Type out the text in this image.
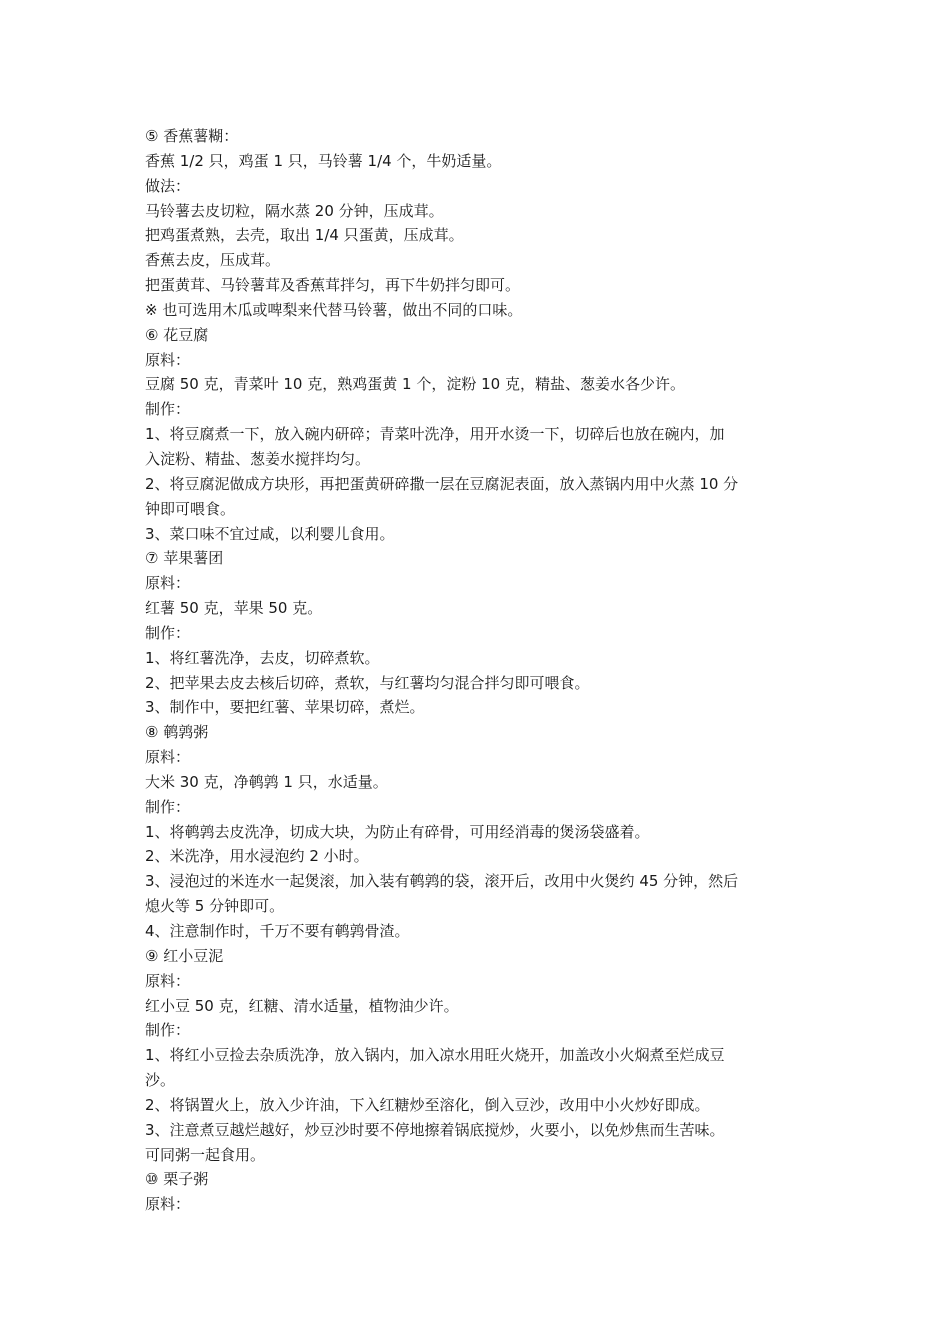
⑤ 香蕉薯糊：
香蕉 1/2 只，鸡蛋 1 只，马铃薯 1/4 个，牛奶适量。
做法：
马铃薯去皮切粒，隔水蒸 20 分钟，压成茸。
把鸡蛋煮熟，去壳，取出 1/4 只蛋黄，压成茸。
香蕉去皮，压成茸。
把蛋黄茸、马铃薯茸及香蕉茸拌匀，再下牛奶拌匀即可。
※ 也可选用木瓜或啤梨来代替马铃薯，做出不同的口味。
⑥ 花豆腐
原料：
豆腐 50 克，青菜叶 10 克，熟鸡蛋黄 1 个，淀粉 10 克，精盐、葱姜水各少许。
制作：
1、将豆腐煮一下，放入碗内研碎；青菜叶洗净，用开水烫一下，切碎后也放在碗内，加
入淀粉、精盐、葱姜水搅拌均匀。
2、将豆腐泥做成方块形，再把蛋黄研碎撒一层在豆腐泥表面，放入蒸锅内用中火蒸 10 分
钟即可喂食。
3、菜口味不宜过咸，以利婴儿食用。
⑦ 苹果薯团
原料：
红薯 50 克，苹果 50 克。
制作：
1、将红薯洗净，去皮，切碎煮软。
2、把苹果去皮去核后切碎，煮软，与红薯均匀混合拌匀即可喂食。
3、制作中，要把红薯、苹果切碎，煮烂。
⑧ 鹌鹑粥
原料：
大米 30 克，净鹌鹑 1 只，水适量。
制作：
1、将鹌鹑去皮洗净，切成大块，为防止有碎骨，可用经消毒的煲汤袋盛着。
2、米洗净，用水浸泡约 2 小时。
3、浸泡过的米连水一起煲滚，加入装有鹌鹑的袋，滚开后，改用中火煲约 45 分钟，然后
熄火等 5 分钟即可。
4、注意制作时，千万不要有鹌鹑骨渣。
⑨ 红小豆泥
原料：
红小豆 50 克，红糖、清水适量，植物油少许。
制作：
1、将红小豆捡去杂质洗净，放入锅内，加入凉水用旺火烧开，加盖改小火焖煮至烂成豆
沙。
2、将锅置火上，放入少许油，下入红糖炒至溶化，倒入豆沙，改用中小火炒好即成。
3、注意煮豆越烂越好，炒豆沙时要不停地擦着锅底搅炒，火要小，以免炒焦而生苦味。
可同粥一起食用。
⑩ 栗子粥
原料：
